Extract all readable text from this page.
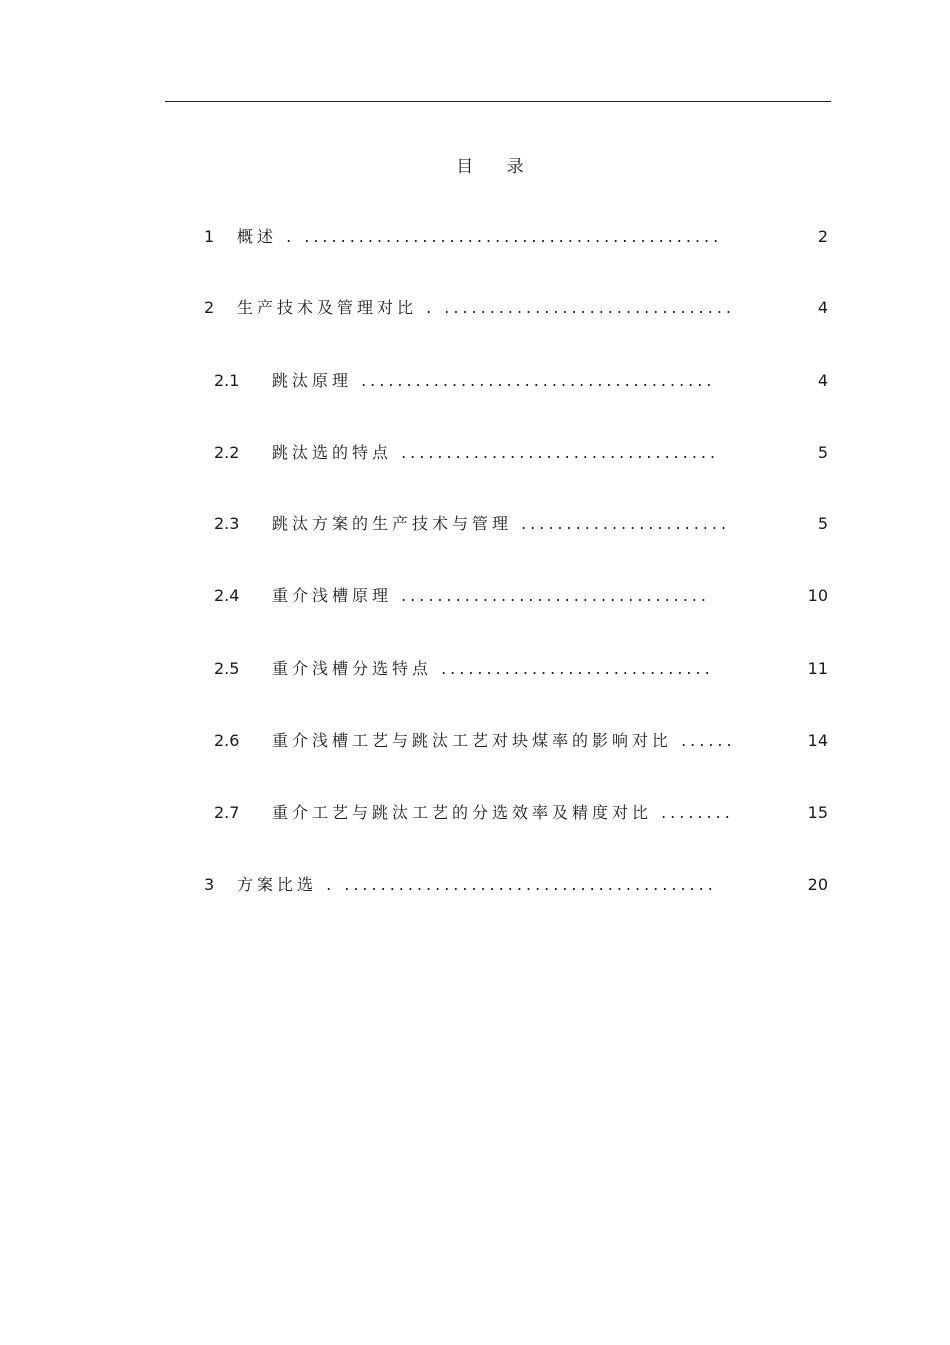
目 录
1 概述 . ..............................................	2
2 生产技术及管理对比 . ................................	4
2.1 跳汰原理 .......................................	4
2.2 跳汰选的特点 ...................................	5
2.3 跳汰方案的生产技术与管理 .......................	5
2.4 重介浅槽原理 ..................................	10
2.5 重介浅槽分选特点 ..............................	11
2.6 重介浅槽工艺与跳汰工艺对块煤率的影响对比 ......	14
2.7 重介工艺与跳汰工艺的分选效率及精度对比 ........	15
3 方案比选 . .........................................	20
